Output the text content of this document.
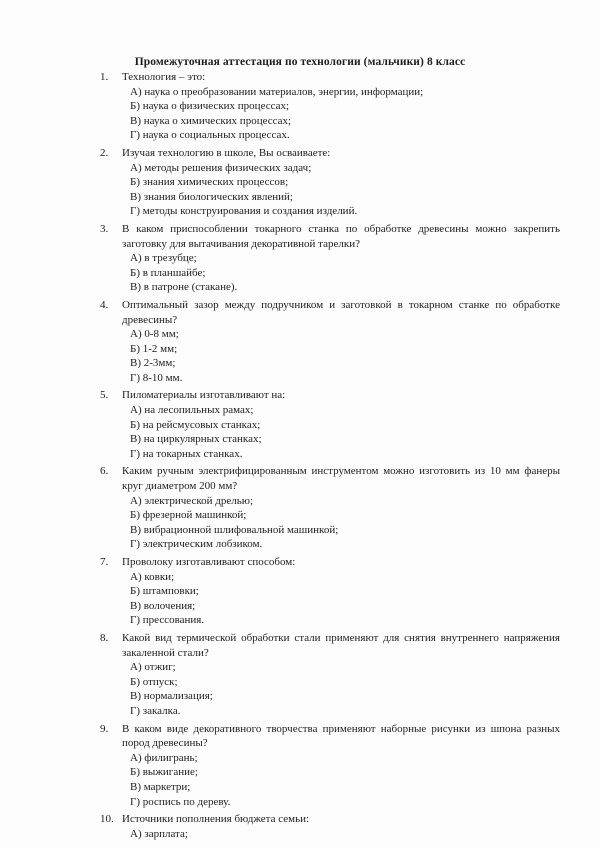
Промежуточная аттестация по технологии (мальчики) 8 класс
1.	Технология – это:
А) наука о преобразовании материалов, энергии, информации;
Б) наука о физических процессах;
В) наука о химических процессах;
Г) наука о социальных процессах.
2.	Изучая технологию в школе, Вы осваиваете:
А) методы решения физических задач;
Б) знания химических процессов;
В) знания биологических явлений;
Г) методы конструирования и создания изделий.
3.	В каком приспособлении токарного станка по обработке древесины можно закрепить заготовку для вытачивания декоративной тарелки?
А) в трезубце;
Б) в планшайбе;
В) в патроне (стакане).
4.	Оптимальный зазор между подручником и заготовкой в токарном станке по обработке древесины?
А) 0-8 мм;
Б) 1-2 мм;
В) 2-3мм;
Г) 8-10 мм.
5.	Пиломатериалы изготавливают на:
А) на лесопильных рамах;
Б) на рейсмусовых станках;
В) на циркулярных станках;
Г) на токарных станках.
6.	Каким ручным электрифицированным инструментом можно изготовить из 10 мм фанеры круг диаметром 200 мм?
А) электрической дрелью;
Б) фрезерной машинкой;
В) вибрационной шлифовальной машинкой;
Г) электрическим лобзиком.
7.	Проволоку изготавливают способом:
А) ковки;
Б) штамповки;
В) волочения;
Г) прессования.
8.	Какой вид термической обработки стали применяют для снятия внутреннего напряжения закаленной стали?
А) отжиг;
Б) отпуск;
В) нормализация;
Г) закалка.
9.	В каком виде декоративного творчества применяют наборные рисунки из шпона разных пород древесины?
А) филигрань;
Б) выжигание;
В) маркетри;
Г) роспись по дереву.
10. Источники пополнения бюджета семьи:
А) зарплата;
